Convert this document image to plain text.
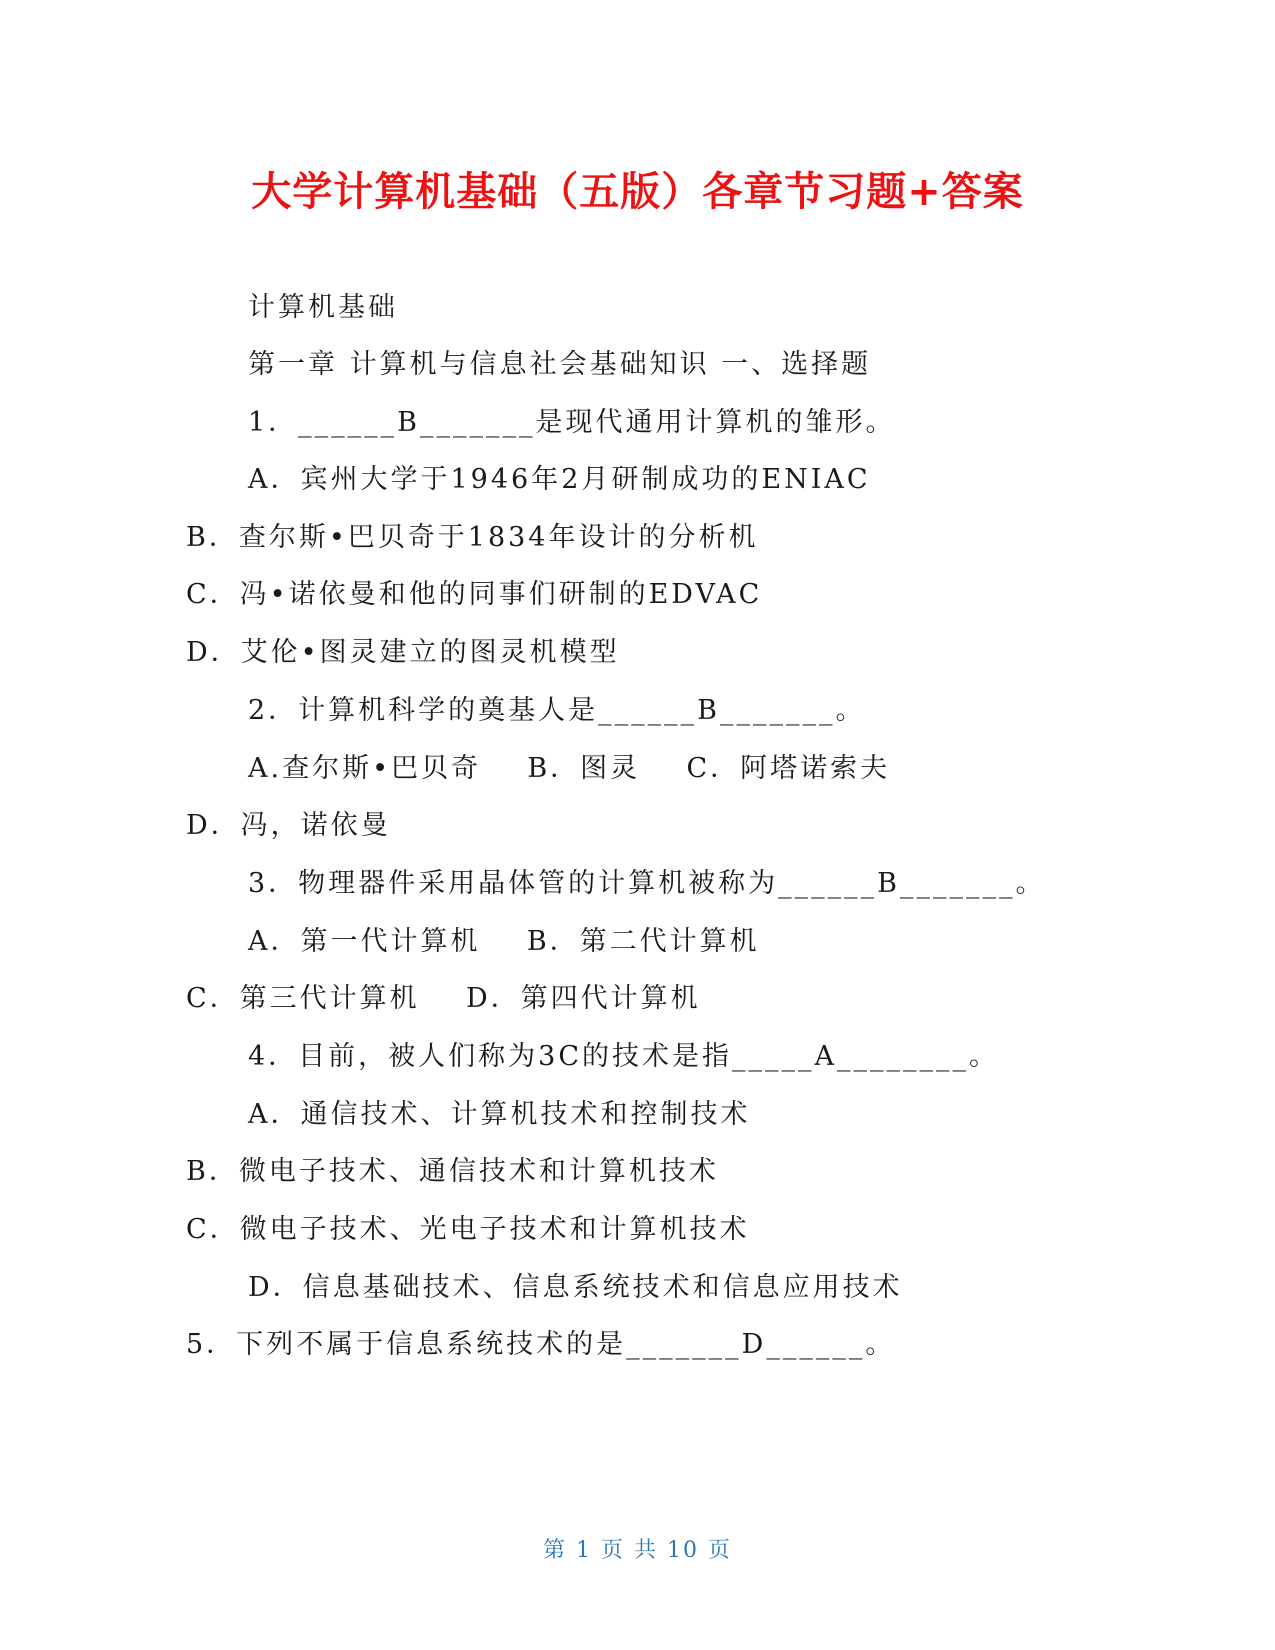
大学计算机基础（五版）各章节习题+答案
计算机基础
第一章 计算机与信息社会基础知识 一、选择题
1．______B_______是现代通用计算机的雏形。
A．宾州大学于1946年2月研制成功的ENIAC
B．查尔斯•巴贝奇于1834年设计的分析机
C．冯•诺依曼和他的同事们研制的EDVAC
D．艾伦•图灵建立的图灵机模型
2．计算机科学的奠基人是______B_______。
A.查尔斯•巴贝奇    B．图灵    C．阿塔诺索夫
D．冯，诺依曼
3．物理器件采用晶体管的计算机被称为______B_______。
A．第一代计算机    B．第二代计算机
C．第三代计算机    D．第四代计算机
4．目前，被人们称为3C的技术是指_____A________。
A．通信技术、计算机技术和控制技术
B．微电子技术、通信技术和计算机技术
C．微电子技术、光电子技术和计算机技术
D．信息基础技术、信息系统技术和信息应用技术
5．下列不属于信息系统技术的是_______D______。
第 1 页 共 10 页
